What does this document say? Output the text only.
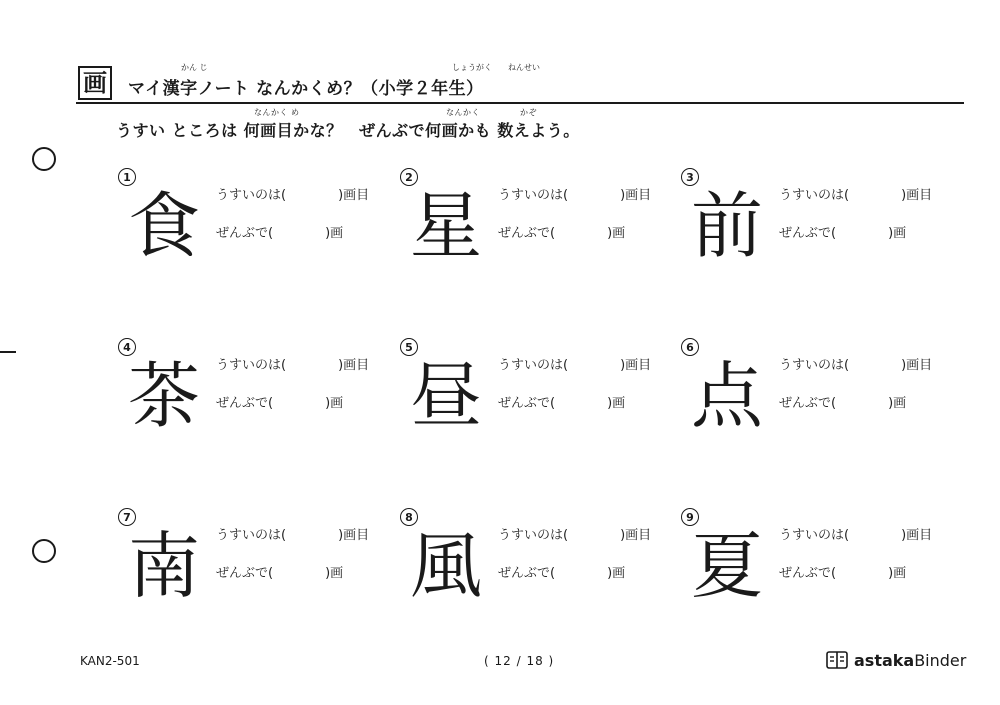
画
かん じ	しょうがく ねんせい
マイ漢字ノート なんかくめ？（小学２年生）
なんかく め	なんかく	かぞ
うすい ところは 何画目かな？　ぜんぶで何画かも 数えよう。
1
食 うすいのは(	)画目
ぜんぶで(	)画
2
星 うすいのは(	)画目
ぜんぶで(	)画
3
前 うすいのは(	)画目
ぜんぶで(	)画
4
茶 うすいのは(	)画目
ぜんぶで(	)画
5
昼 うすいのは(	)画目
ぜんぶで(	)画
6
点 うすいのは(	)画目
ぜんぶで(	)画
7
南 うすいのは(	)画目
ぜんぶで(	)画
8
風 うすいのは(	)画目
ぜんぶで(	)画
9
夏 うすいのは(	)画目
ぜんぶで(	)画
KAN2-501	( 12 / 18 )	astakaBinder
